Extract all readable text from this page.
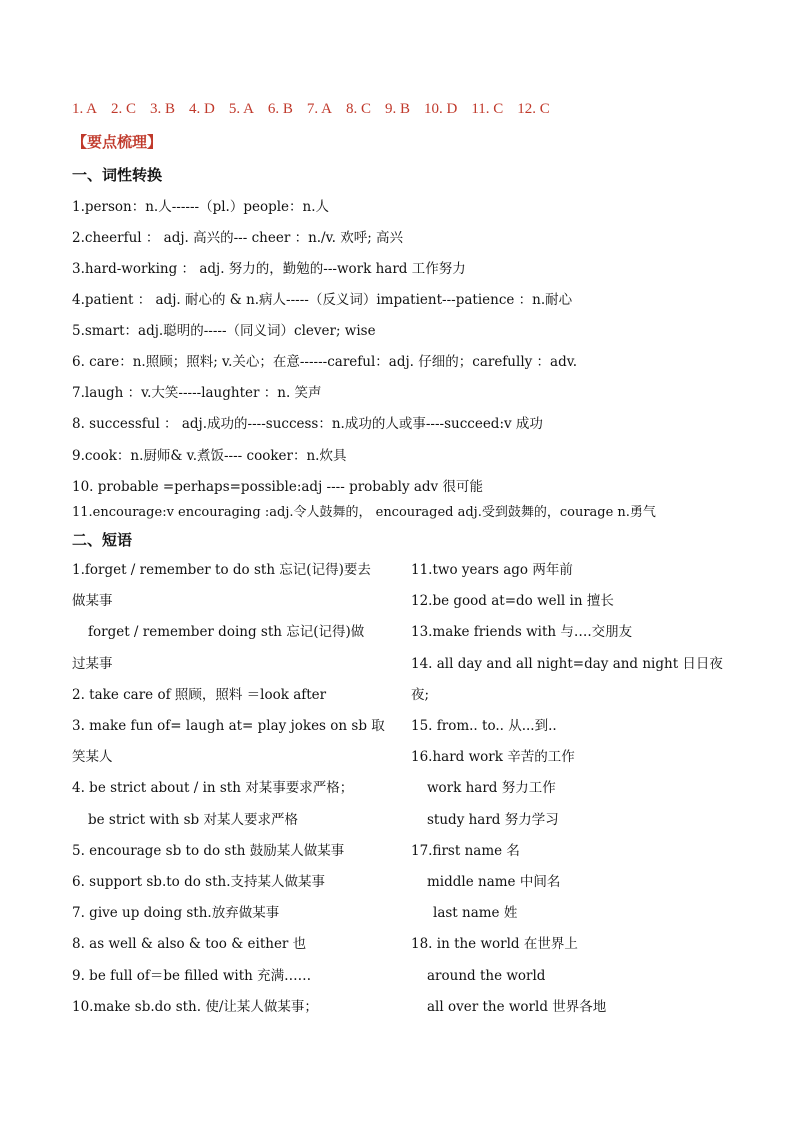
1. A 2. C 3. B 4. D 5. A 6. B 7. A 8. C 9. B 10. D 11. C 12. C
【要点梳理】
一、词性转换
1.person：n.人------（pl.）people：n.人
2.cheerful ： adj. 高兴的--- cheer ：n./v. 欢呼; 高兴
3.hard-working ： adj. 努力的，勤勉的---work hard 工作努力
4.patient ： adj. 耐心的 & n.病人-----（反义词）impatient---patience ：n.耐心
5.smart：adj.聪明的-----（同义词）clever; wise
6. care：n.照顾；照料; v.关心；在意------careful：adj. 仔细的；carefully ：adv.
7.laugh ：v.大笑-----laughter ：n. 笑声
8. successful ： adj.成功的----success：n.成功的人或事----succeed:v 成功
9.cook：n.厨师& v.煮饭---- cooker：n.炊具
10. probable =perhaps=possible:adj ---- probably adv 很可能
11.encourage:v encouraging :adj.令人鼓舞的， encouraged adj.受到鼓舞的，courage n.勇气
二、短语
1.forget / remember to do sth 忘记(记得)要去
做某事
forget / remember doing sth 忘记(记得)做
过某事
2. take care of 照顾，照料 ＝look after
3. make fun of= laugh at= play jokes on sb 取
笑某人
4. be strict about / in sth 对某事要求严格；
be strict with sb 对某人要求严格
5. encourage sb to do sth 鼓励某人做某事
6. support sb.to do sth.支持某人做某事
7. give up doing sth.放弃做某事
8. as well & also & too & either 也
9. be full of＝be filled with 充满……
10.make sb.do sth. 使/让某人做某事；
11.two years ago 两年前
12.be good at=do well in 擅长
13.make friends with 与….交朋友
14. all day and all night=day and night 日日夜
夜;
15. from.. to.. 从...到..
16.hard work 辛苦的工作
work hard 努力工作
study hard 努力学习
17.first name 名
middle name 中间名
last name 姓
18. in the world 在世界上
around the world
all over the world 世界各地
